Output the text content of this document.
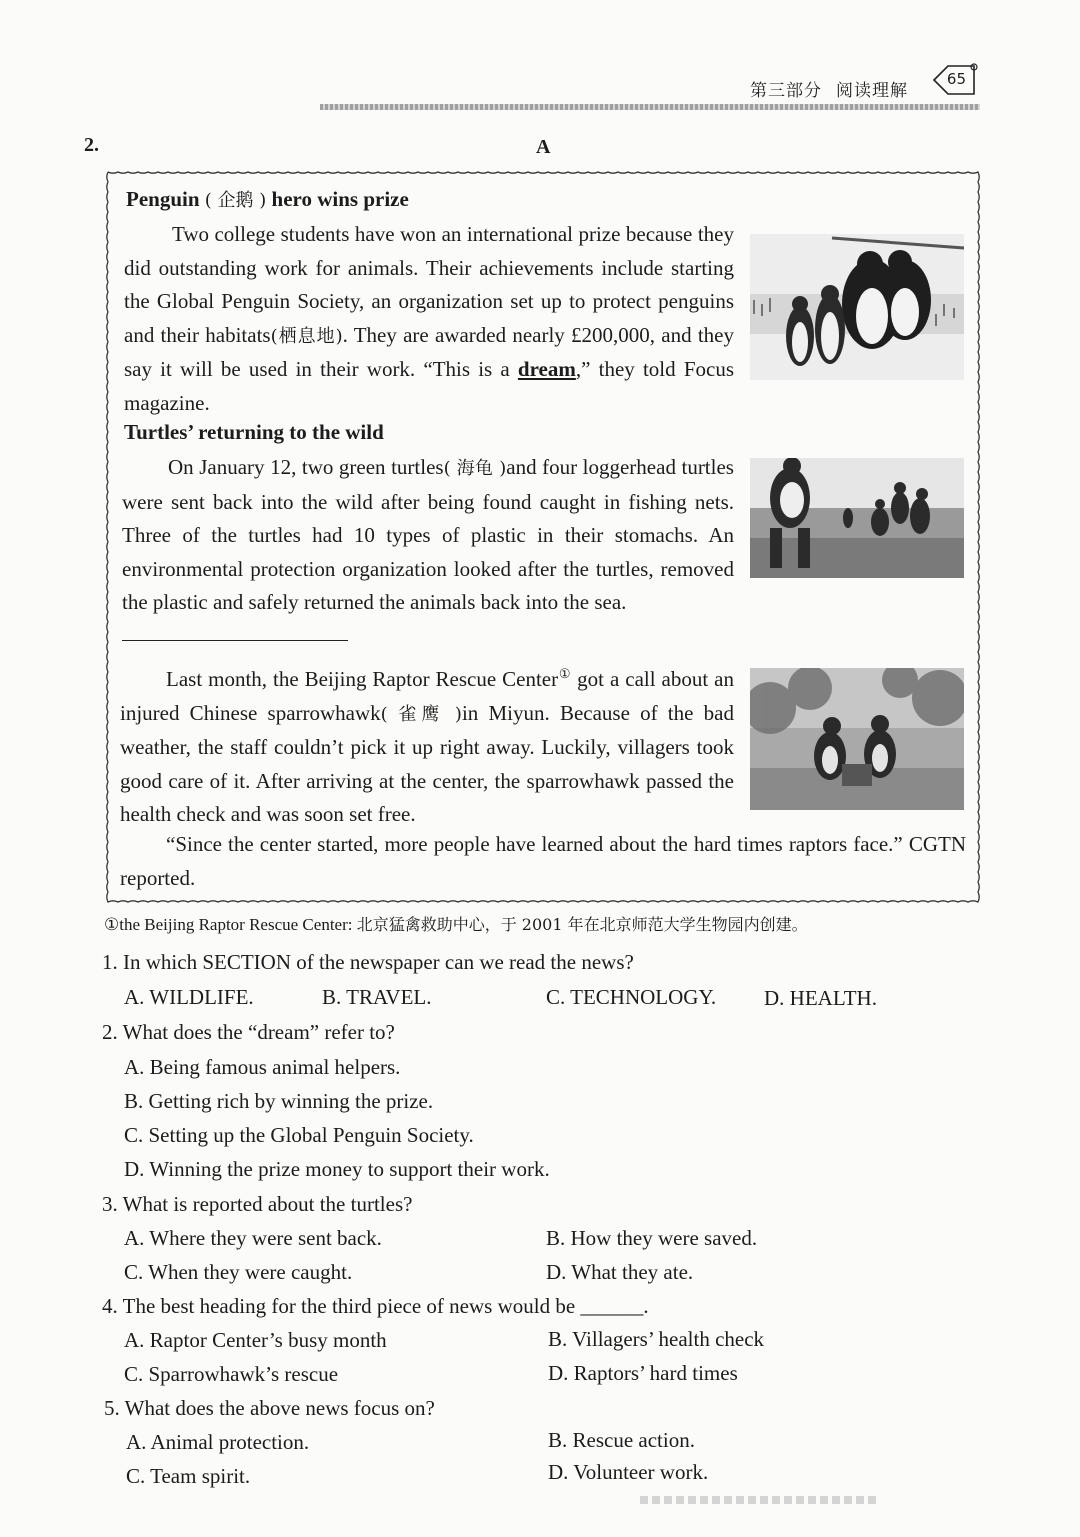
第三部分 阅读理解
65
2.	A
Penguin ( 企鹅 ) hero wins prize
Two college students have won an international prize because they did outstanding work for animals. Their achievements include starting the Global Penguin Society, an organization set up to protect penguins and their habitats(栖息地). They are awarded nearly £200,000, and they say it will be used in their work. “This is a dream,” they told Focus magazine.
Turtles’ returning to the wild
On January 12, two green turtles( 海龟 )and four loggerhead turtles were sent back into the wild after being found caught in fishing nets. Three of the turtles had 10 types of plastic in their stomachs. An environmental protection organization looked after the turtles, removed the plastic and safely returned the animals back into the sea.
Last month, the Beijing Raptor Rescue Center① got a call about an injured Chinese sparrowhawk( 雀鹰 )in Miyun. Because of the bad weather, the staff couldn’t pick it up right away. Luckily, villagers took good care of it. After arriving at the center, the sparrowhawk passed the health check and was soon set free.
“Since the center started, more people have learned about the hard times raptors face.” CGTN reported.
①the Beijing Raptor Rescue Center: 北京猛禽救助中心，于 2001 年在北京师范大学生物园内创建。
1. In which SECTION of the newspaper can we read the news?
A. WILDLIFE.	B. TRAVEL.	C. TECHNOLOGY. D. HEALTH.
2. What does the “dream” refer to?
A. Being famous animal helpers.
B. Getting rich by winning the prize.
C. Setting up the Global Penguin Society.
D. Winning the prize money to support their work.
3. What is reported about the turtles?
A. Where they were sent back.	B. How they were saved.
C. When they were caught.	D. What they ate.
4. The best heading for the third piece of news would be ______.
A. Raptor Center’s busy month	B. Villagers’ health check
C. Sparrowhawk’s rescue	D. Raptors’ hard times
5. What does the above news focus on?
A. Animal protection.	B. Rescue action.
C. Team spirit.	D. Volunteer work.
